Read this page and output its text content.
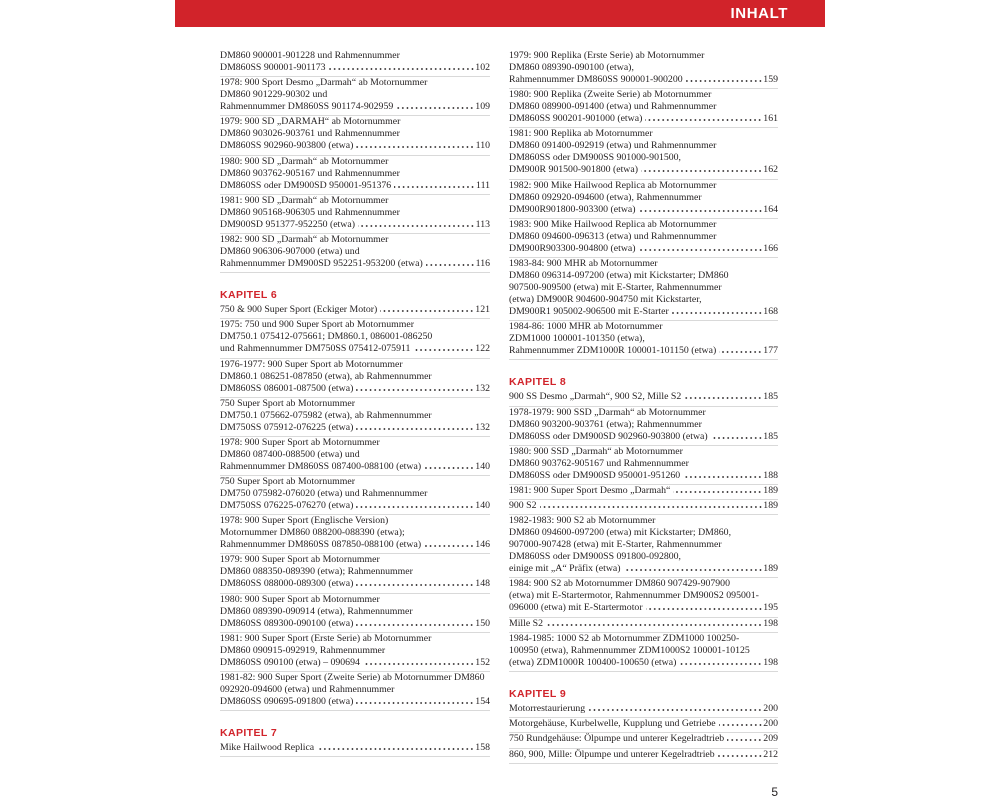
INHALT
DM860 900001-901228 und Rahmennummer
DM860SS 900001-901173	102
1978: 900 Sport Desmo „Darmah“ ab Motornummer
DM860 901229-90302 und
Rahmennummer DM860SS 901174-902959	109
1979: 900 SD „DARMAH“ ab Motornummer
DM860 903026-903761 und Rahmennummer
DM860SS 902960-903800 (etwa)	110
1980: 900 SD „Darmah“ ab Motornummer
DM860 903762-905167 und Rahmennummer
DM860SS oder DM900SD 950001-951376	111
1981: 900 SD „Darmah“ ab Motornummer
DM860 905168-906305 und Rahmennummer
DM900SD 951377-952250 (etwa)	113
1982: 900 SD „Darmah“ ab Motornummer
DM860 906306-907000 (etwa) und
Rahmennummer DM900SD 952251-953200 (etwa)	116
KAPITEL 6
750 & 900 Super Sport (Eckiger Motor)	121
1975: 750 und 900 Super Sport ab Motornummer
DM750.1 075412-075661; DM860.1, 086001-086250
und Rahmennummer DM750SS 075412-075911	122
1976-1977: 900 Super Sport ab Motornummer
DM860.1 086251-087850 (etwa), ab Rahmennummer
DM860SS 086001-087500 (etwa)	132
750 Super Sport ab Motornummer
DM750.1 075662-075982 (etwa), ab Rahmennummer
DM750SS 075912-076225 (etwa)	132
1978: 900 Super Sport ab Motornummer
DM860 087400-088500 (etwa) und
Rahmennummer DM860SS 087400-088100 (etwa)	140
750 Super Sport ab Motornummer
DM750 075982-076020 (etwa) und Rahmennummer
DM750SS 076225-076270 (etwa)	140
1978: 900 Super Sport (Englische Version)
Motornummer DM860 088200-088390 (etwa);
Rahmennummer DM860SS 087850-088100 (etwa)	146
1979: 900 Super Sport ab Motornummer
DM860 088350-089390 (etwa); Rahmennummer
DM860SS 088000-089300 (etwa)	148
1980: 900 Super Sport ab Motornummer
DM860 089390-090914 (etwa), Rahmennummer
DM860SS 089300-090100 (etwa)	150
1981: 900 Super Sport (Erste Serie) ab Motornummer
DM860 090915-092919, Rahmennummer
DM860SS 090100 (etwa) – 090694	152
1981-82: 900 Super Sport (Zweite Serie) ab Motornummer DM860
092920-094600 (etwa) und Rahmennummer
DM860SS 090695-091800 (etwa)	154
KAPITEL 7
Mike Hailwood Replica	158
1979: 900 Replika (Erste Serie) ab Motornummer
DM860 089390-090100 (etwa),
Rahmennummer DM860SS 900001-900200	159
1980: 900 Replika (Zweite Serie) ab Motornummer
DM860 089900-091400 (etwa) und Rahmennummer
DM860SS 900201-901000 (etwa)	161
1981: 900 Replika ab Motornummer
DM860 091400-092919 (etwa) und Rahmennummer
DM860SS oder DM900SS 901000-901500,
DM900R 901500-901800 (etwa)	162
1982: 900 Mike Hailwood Replica ab Motornummer
DM860 092920-094600 (etwa), Rahmennummer
DM900R901800-903300 (etwa)	164
1983: 900 Mike Hailwood Replica ab Motornummer
DM860 094600-096313 (etwa) und Rahmennummer
DM900R903300-904800 (etwa)	166
1983-84: 900 MHR ab Motornummer
DM860 096314-097200 (etwa) mit Kickstarter; DM860
907500-909500 (etwa) mit E-Starter, Rahmennummer
(etwa) DM900R 904600-904750 mit Kickstarter,
DM900R1 905002-906500 mit E-Starter	168
1984-86: 1000 MHR ab Motornummer
ZDM1000 100001-101350 (etwa),
Rahmennummer ZDM1000R 100001-101150 (etwa)	177
KAPITEL 8
900 SS Desmo „Darmah“, 900 S2, Mille S2	185
1978-1979: 900 SSD „Darmah“ ab Motornummer
DM860 903200-903761 (etwa); Rahmennummer
DM860SS oder DM900SD 902960-903800 (etwa)	185
1980: 900 SSD „Darmah“ ab Motornummer
DM860 903762-905167 und Rahmennummer
DM860SS oder DM900SD 950001-951260	188
1981: 900 Super Sport Desmo „Darmah“	189
900 S2	189
1982-1983: 900 S2 ab Motornummer
DM860 094600-097200 (etwa) mit Kickstarter; DM860,
907000-907428 (etwa) mit E-Starter, Rahmennummer
DM860SS oder DM900SS 091800-092800,
einige mit „A“ Präfix (etwa)	189
1984: 900 S2 ab Motornummer DM860 907429-907900
(etwa) mit E-Startermotor, Rahmennummer DM900S2 095001-
096000 (etwa) mit E-Startermotor	195
Mille S2	198
1984-1985: 1000 S2 ab Motornummer ZDM1000 100250-
100950 (etwa), Rahmennummer ZDM1000S2 100001-10125
(etwa) ZDM1000R 100400-100650 (etwa)	198
KAPITEL 9
Motorrestaurierung	200
Motorgehäuse, Kurbelwelle, Kupplung und Getriebe	200
750 Rundgehäuse: Ölpumpe und unterer Kegelradtrieb	209
860, 900, Mille: Ölpumpe und unterer Kegelradtrieb	212
5
